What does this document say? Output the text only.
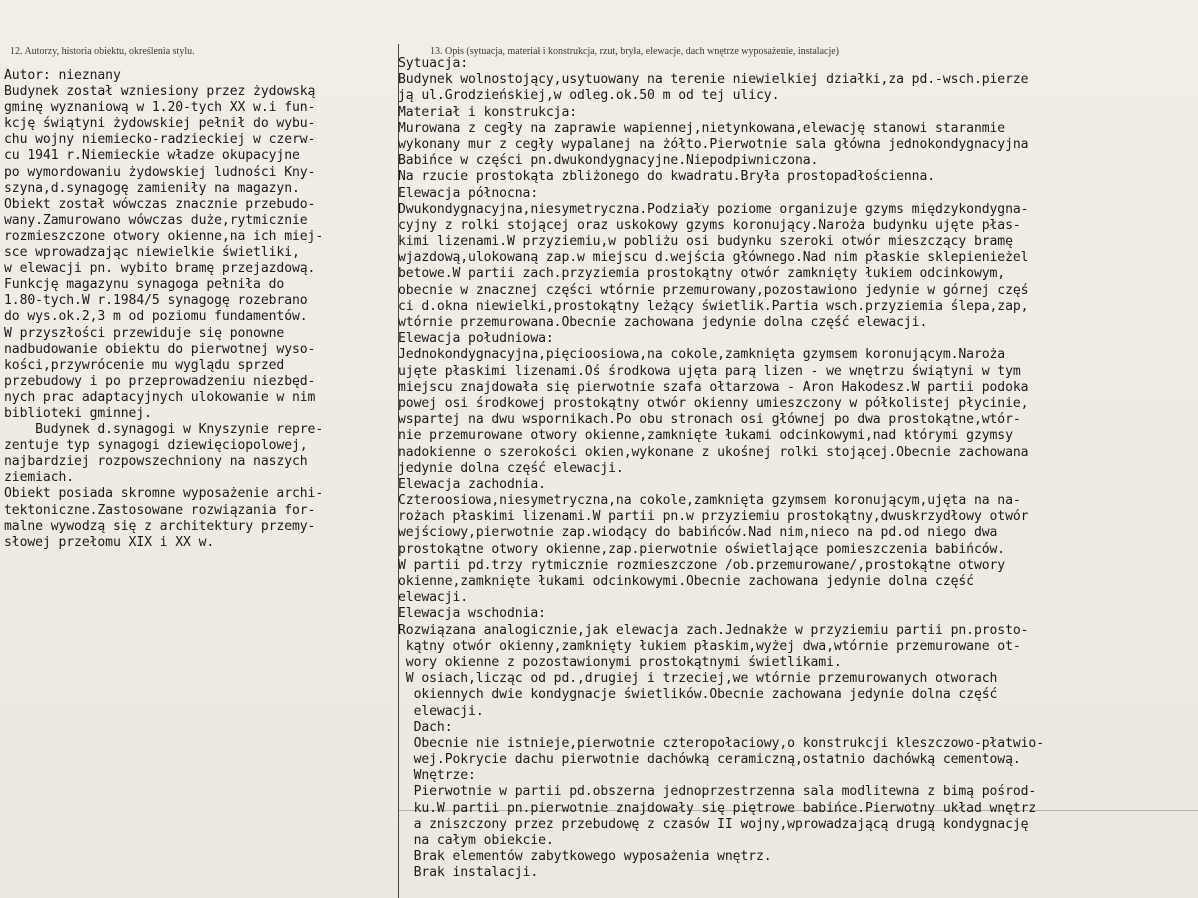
12. Autorzy, historia obiektu, określenia stylu.	13. Opis (sytuacja, materiał i konstrukcja, rzut, bryła, elewacje, dach wnętrze wyposażenie, instalacje)
Autor: nieznany
Budynek został wzniesiony przez żydowską
gminę wyznaniową w 1.20-tych XX w.i fun-
kcję świątyni żydowskiej pełnił do wybu-
chu wojny niemiecko-radzieckiej w czerw-
cu 1941 r.Niemieckie władze okupacyjne
po wymordowaniu żydowskiej ludności Kny-
szyna,d.synagogę zamieniły na magazyn.
Obiekt został wówczas znacznie przebudo-
wany.Zamurowano wówczas duże,rytmicznie
rozmieszczone otwory okienne,na ich miej-
sce wprowadzając niewielkie świetliki,
w elewacji pn. wybito bramę przejazdową.
Funkcję magazynu synagoga pełniła do
1.80-tych.W r.1984/5 synagogę rozebrano
do wys.ok.2,3 m od poziomu fundamentów.
W przyszłości przewiduje się ponowne
nadbudowanie obiektu do pierwotnej wyso-
kości,przywrócenie mu wyglądu sprzed
przebudowy i po przeprowadzeniu niezbęd-
nych prac adaptacyjnych ulokowanie w nim
biblioteki gminnej.
Budynek d.synagogi w Knyszynie repre-
zentuje typ synagogi dziewięciopolowej,
najbardziej rozpowszechniony na naszych
ziemiach.
Obiekt posiada skromne wyposażenie archi-
tektoniczne.Zastosowane rozwiązania for-
malne wywodzą się z architektury przemy-
słowej przełomu XIX i XX w.
Sytuacja:
Budynek wolnostojący,usytuowany na terenie niewielkiej działki,za pd.-wsch.pierze
ją ul.Grodzieńskiej,w odleg.ok.50 m od tej ulicy.
Materiał i konstrukcja:
Murowana z cegły na zaprawie wapiennej,nietynkowana,elewację stanowi staranmie
wykonany mur z cegły wypalanej na żółto.Pierwotnie sala główna jednokondygnacyjna
Babińce w części pn.dwukondygnacyjne.Niepodpiwniczona.
Na rzucie prostokąta zbliżonego do kwadratu.Bryła prostopadłościenna.
Elewacja północna:
Dwukondygnacyjna,niesymetryczna.Podziały poziome organizuje gzyms międzykondygna-
cyjny z rolki stojącej oraz uskokowy gzyms koronujący.Naroża budynku ujęte płas-
kimi lizenami.W przyziemiu,w pobliżu osi budynku szeroki otwór mieszczący bramę
wjazdową,ulokowaną zap.w miejscu d.wejścia głównego.Nad nim płaskie sklepienieżel
betowe.W partii zach.przyziemia prostokątny otwór zamknięty łukiem odcinkowym,
obecnie w znacznej części wtórnie przemurowany,pozostawiono jedynie w górnej częś
ci d.okna niewielki,prostokątny leżący świetlik.Partia wsch.przyziemia ślepa,zap,
wtórnie przemurowana.Obecnie zachowana jedynie dolna część elewacji.
Elewacja południowa:
Jednokondygnacyjna,pięcioosiowa,na cokole,zamknięta gzymsem koronującym.Naroża
ujęte płaskimi lizenami.Oś środkowa ujęta parą lizen - we wnętrzu świątyni w tym
miejscu znajdowała się pierwotnie szafa ołtarzowa - Aron Hakodesz.W partii podoka
powej osi środkowej prostokątny otwór okienny umieszczony w półkolistej płycinie,
wspartej na dwu wspornikach.Po obu stronach osi głównej po dwa prostokątne,wtór-
nie przemurowane otwory okienne,zamknięte łukami odcinkowymi,nad którymi gzymsy
nadokienne o szerokości okien,wykonane z ukośnej rolki stojącej.Obecnie zachowana
jedynie dolna część elewacji.
Elewacja zachodnia.
Czteroosiowa,niesymetryczna,na cokole,zamknięta gzymsem koronującym,ujęta na na-
rożach płaskimi lizenami.W partii pn.w przyziemiu prostokątny,dwuskrzydłowy otwór
wejściowy,pierwotnie zap.wiodący do babińców.Nad nim,nieco na pd.od niego dwa
prostokątne otwory okienne,zap.pierwotnie oświetlające pomieszczenia babińców.
W partii pd.trzy rytmicznie rozmieszczone /ob.przemurowane/,prostokątne otwory
okienne,zamknięte łukami odcinkowymi.Obecnie zachowana jedynie dolna część
elewacji.
Elewacja wschodnia:
Rozwiązana analogicznie,jak elewacja zach.Jednakże w przyziemiu partii pn.prosto-
kątny otwór okienny,zamknięty łukiem płaskim,wyżej dwa,wtórnie przemurowane ot-
wory okienne z pozostawionymi prostokątnymi świetlikami.
W osiach,licząc od pd.,drugiej i trzeciej,we wtórnie przemurowanych otworach
okiennych dwie kondygnacje świetlików.Obecnie zachowana jedynie dolna część
elewacji.
Dach:
Obecnie nie istnieje,pierwotnie czteropołaciowy,o konstrukcji kleszczowo-płatwio-
wej.Pokrycie dachu pierwotnie dachówką ceramiczną,ostatnio dachówką cementową.
Wnętrze:
Pierwotnie w partii pd.obszerna jednoprzestrzenna sala modlitewna z bimą pośrod-
ku.W partii pn.pierwotnie znajdowały się piętrowe babińce.Pierwotny układ wnętrz
a zniszczony przez przebudowę z czasów II wojny,wprowadzającą drugą kondygnację
na całym obiekcie.
Brak elementów zabytkowego wyposażenia wnętrz.
Brak instalacji.
